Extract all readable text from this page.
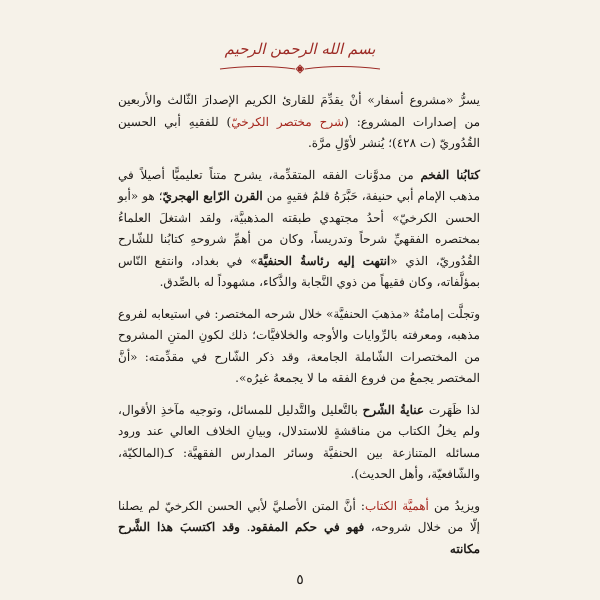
بسم الله الرحمن الرحيم

يسرُّ «مشروع أسفار» أنْ يقدِّمَ للقارئ الكريم الإصدارَ الثّالث والأربعين من إصدارات المشروع: (شرح مختصر الكرخيّ) للفقيهِ أبي الحسين القُدُوريّ (ت ٤٢٨)؛ يُنشر لأوّلِ مرَّة.

كتابُنا الفخم من مدوَّنات الفقه المتقدِّمة، يشرح متناً تعليميًّا أصيلاً في مذهب الإمام أبي حنيفة، حَبَّرَهُ قلمُ فقيهٍ من القرن الرّابع الهجريّ؛ هو «أبو الحسن الكرخيّ» أحدُ مجتهدي طبقته المذهبيَّة، ولقد اشتغلَ العلماءُ بمختصره الفقهيِّ شرحاً وتدريساً، وكان من أهمِّ شروحهِ كتابُنا للشّارح القُدُوريّ، الذي «انتهت إليه رئاسةُ الحنفيَّة» في بغداد، وانتفع النّاس بمؤلَّفاته، وكان فقيهاً من ذوي النَّجابة والذَّكاء، مشهوداً له بالصِّدق.

وتجلَّت إمامتُهُ «مذهبَ الحنفيَّة» خلال شرحه المختصر: في استيعابه لفروع مذهبه، ومعرفته بالرِّوايات والأوجه والخلافيَّات؛ ذلك لكونِ المتنِ المشروح من المختصرات الشّاملة الجامعة، وقد ذكر الشّارح في مقدِّمته: «أنَّ المختصر يجمعُ من فروع الفقه ما لا يجمعهُ غيرُه».

لذا ظَهَرت عنايةُ الشّرح بالتَّعليل والتَّدليل للمسائل، وتوجيه مآخذِ الأقوال، ولم يخلُ الكتاب من مناقشةٍ للاستدلال، وبيانِ الخلاف العالي عند ورود مسائله المتنازعة بين الحنفيَّة وسائر المدارس الفقهيَّة: كـ(المالكيّة، والشّافعيّة، وأهل الحديث).

ويزيدُ من أهميَّة الكتاب: أنَّ المتن الأصليَّ لأبي الحسن الكرخيّ لم يصلنا إلّا من خلال شروحه، فهو في حكم المفقود. وقد اكتسبَ هذا الشَّرح مكانته

٥
